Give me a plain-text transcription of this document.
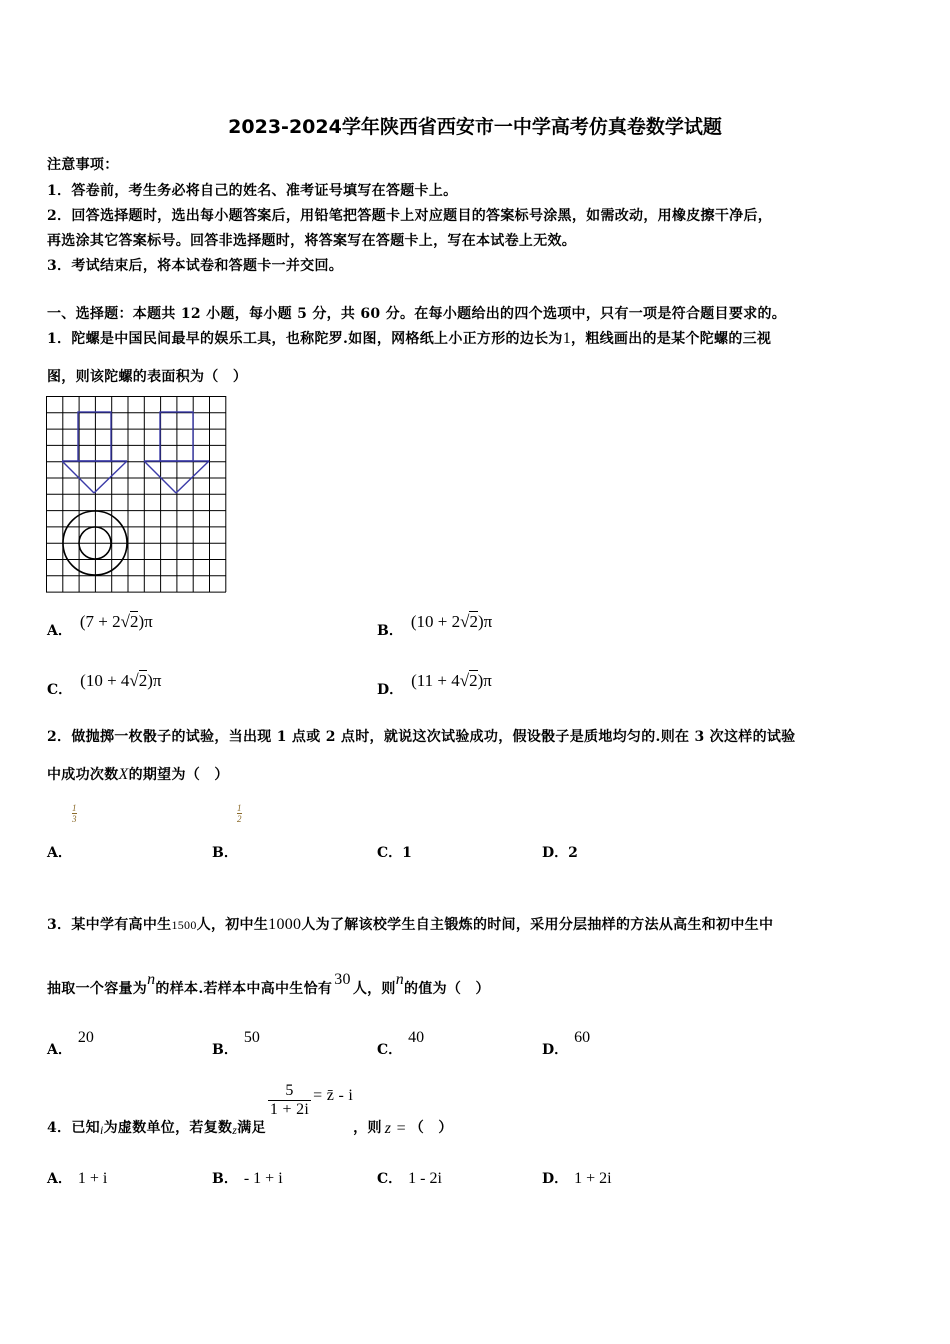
2023-2024学年陕西省西安市一中学高考仿真卷数学试题
注意事项：
1．答卷前，考生务必将自己的姓名、准考证号填写在答题卡上。
2．回答选择题时，选出每小题答案后，用铅笔把答题卡上对应题目的答案标号涂黑，如需改动，用橡皮擦干净后，
再选涂其它答案标号。回答非选择题时，将答案写在答题卡上，写在本试卷上无效。
3．考试结束后，将本试卷和答题卡一并交回。
一、选择题：本题共 12 小题，每小题 5 分，共 60 分。在每小题给出的四个选项中，只有一项是符合题目要求的。
1．陀螺是中国民间最早的娱乐工具，也称陀罗.如图，网格纸上小正方形的边长为1，粗线画出的是某个陀螺的三视
图，则该陀螺的表面积为（　）
A． (7 + 2√2)π	B． (10 + 2√2)π
C． (10 + 4√2)π	D． (11 + 4√2)π
2．做抛掷一枚骰子的试验，当出现 1 点或 2 点时，就说这次试验成功，假设骰子是质地均匀的.则在 3 次这样的试验
中成功次数X的期望为（　）
$\frac{1}{3}$	$\frac{1}{2}$
A．	B．	C．1	D．2
3．某中学有高中生1500人，初中生1000人为了解该校学生自主锻炼的时间，采用分层抽样的方法从高生和初中生中
抽取一个容量为n的样本.若样本中高中生恰有30人，则n的值为（　）
A．20
B．50
C．40
D．60
4．已知i为虚数单位，若复数z满足
$\frac{5}{1 + 2i}$ = z̄ - i，则 z = （　）
A． 1 + i	B． - 1 + i	C． 1 - 2i	D． 1 + 2i
